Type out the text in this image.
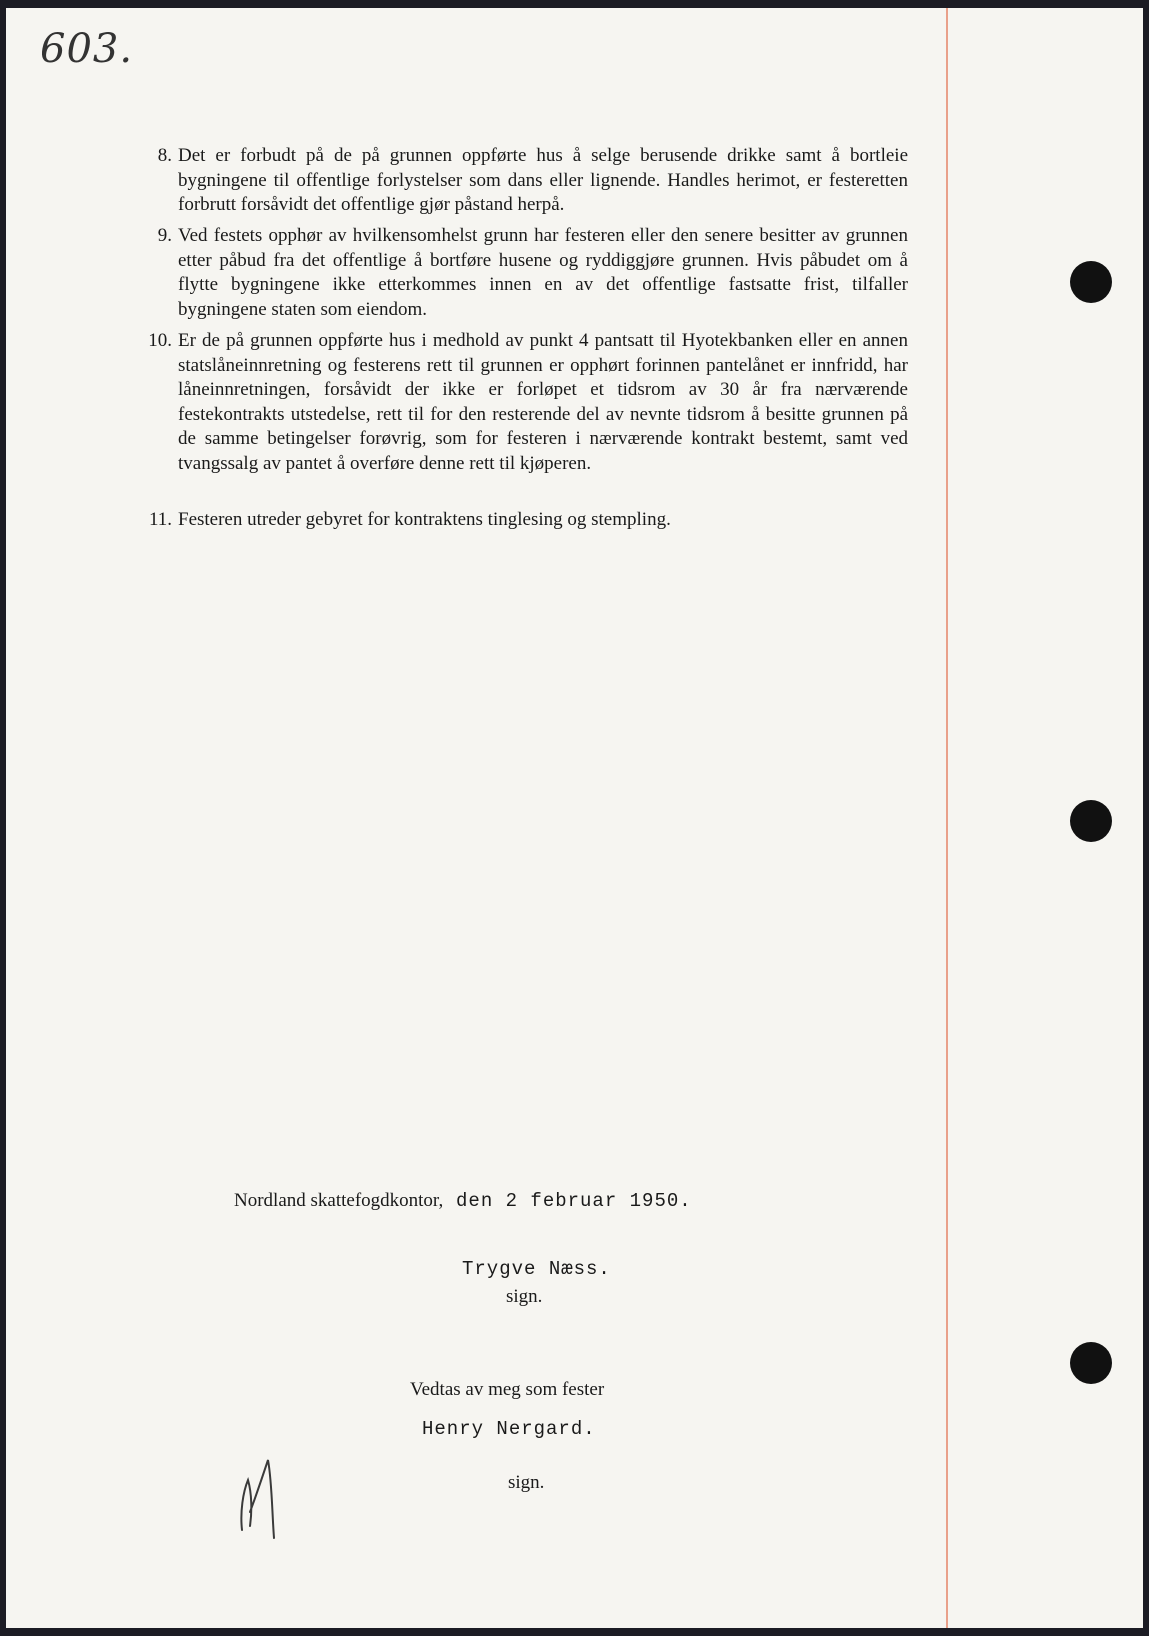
603.
8. Det er forbudt på de på grunnen oppførte hus å selge berusende drikke samt å bortleie bygningene til offentlige forlystelser som dans eller lignende. Handles herimot, er festeretten forbrutt forsåvidt det offentlige gjør påstand herpå.
9. Ved festets opphør av hvilkensomhelst grunn har festeren eller den senere besitter av grunnen etter påbud fra det offentlige å bortføre husene og ryddiggjøre grunnen. Hvis påbudet om å flytte bygningene ikke etterkommes innen en av det offentlige fastsatte frist, tilfaller bygningene staten som eiendom.
10. Er de på grunnen oppførte hus i medhold av punkt 4 pantsatt til Hyotekbanken eller en annen statslåneinnretning og festerens rett til grunnen er opphørt forinnen pantelånet er innfridd, har låneinnretningen, forsåvidt der ikke er forløpet et tidsrom av 30 år fra nærværende festekontrakts utstedelse, rett til for den resterende del av nevnte tidsrom å besitte grunnen på de samme betingelser forøvrig, som for festeren i nærværende kontrakt bestemt, samt ved tvangssalg av pantet å overføre denne rett til kjøperen.
11. Festeren utreder gebyret for kontraktens tinglesing og stempling.
Nordland skattefogdkontor, den 2 februar 1950.
Trygve Næss.
sign.
Vedtas av meg som fester
Henry Nergard.
sign.
